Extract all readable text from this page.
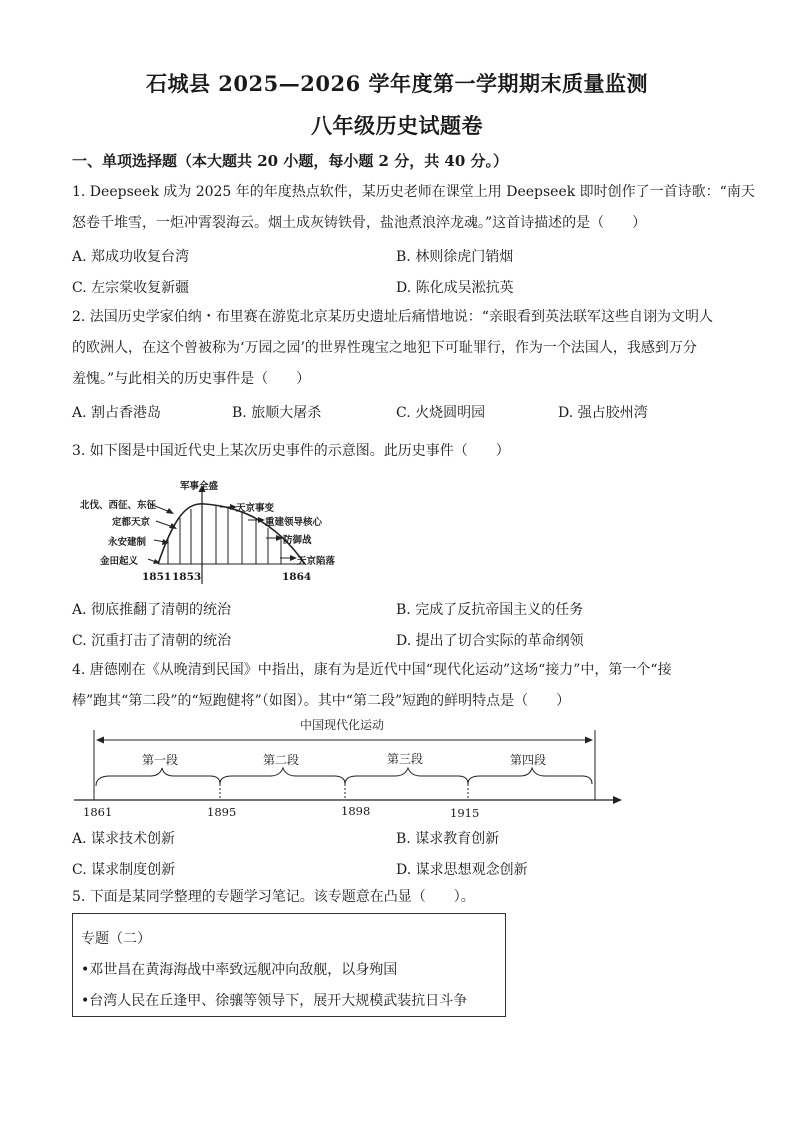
石城县 2025—2026 学年度第一学期期末质量监测
八年级历史试题卷
一、单项选择题（本大题共 20 小题，每小题 2 分，共 40 分。）
1. Deepseek 成为 2025 年的年度热点软件，某历史老师在课堂上用 Deepseek 即时创作了一首诗歌：“南天
怒卷千堆雪，一炬冲霄裂海云。烟土成灰铸铁骨，盐池煮浪淬龙魂。”这首诗描述的是（　　）
A. 郑成功收复台湾	B. 林则徐虎门销烟
C. 左宗棠收复新疆	D. 陈化成吴淞抗英
2. 法国历史学家伯纳・布里赛在游览北京某历史遗址后痛惜地说：“亲眼看到英法联军这些自诩为文明人
的欧洲人，在这个曾被称为‘万园之园’的世界性瑰宝之地犯下可耻罪行，作为一个法国人，我感到万分
羞愧。”与此相关的历史事件是（　　）
A. 割占香港岛	B. 旅顺大屠杀	C. 火烧圆明园	D. 强占胶州湾
3. 如下图是中国近代史上某次历史事件的示意图。此历史事件（　　）
军事全盛
北伐、西征、东征
定都天京
永安建制
金田起义
天京事变
重建领导核心
防御战
天京陷落
1851 1853	1864
A. 彻底推翻了清朝的统治	B. 完成了反抗帝国主义的任务
C. 沉重打击了清朝的统治	D. 提出了切合实际的革命纲领
4. 唐德刚在《从晚清到民国》中指出，康有为是近代中国“现代化运动”这场“接力”中，第一个“接
棒”跑其“第二段”的“短跑健将”（如图）。其中“第二段”短跑的鲜明特点是（　　）
中国现代化运动
第一段	第二段	第三段	第四段
1861	1895	1898	1915
A. 谋求技术创新	B. 谋求教育创新
C. 谋求制度创新	D. 谋求思想观念创新
5. 下面是某同学整理的专题学习笔记。该专题意在凸显（　　）。
专题（二）
•邓世昌在黄海海战中率致远舰冲向敌舰，以身殉国
•台湾人民在丘逢甲、徐骧等领导下，展开大规模武装抗日斗争
